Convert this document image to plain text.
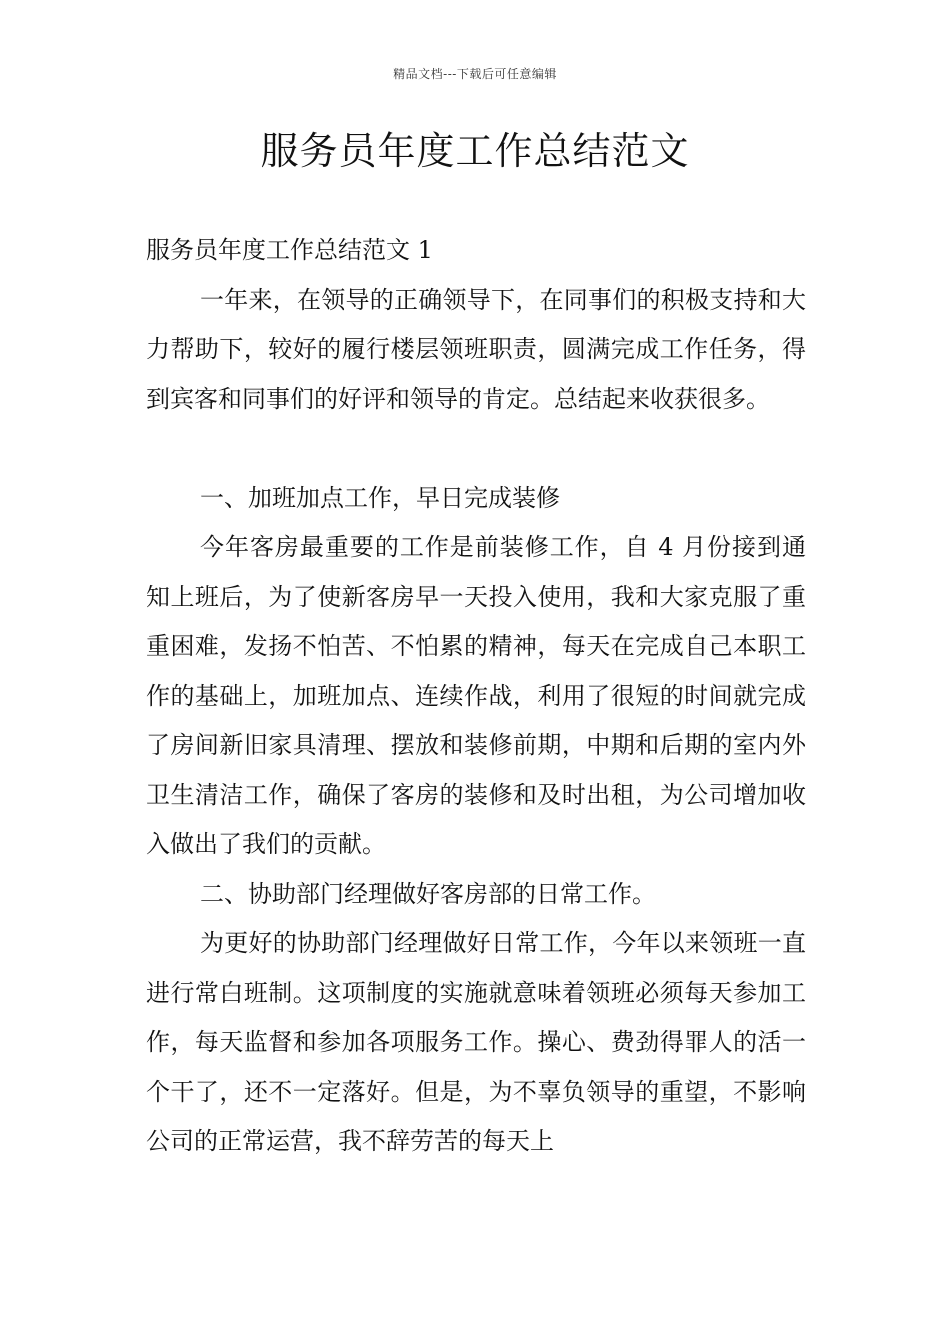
精品文档---下载后可任意编辑
服务员年度工作总结范文

服务员年度工作总结范文 1

一年来，在领导的正确领导下，在同事们的积极支持和大力帮助下，较好的履行楼层领班职责，圆满完成工作任务，得到宾客和同事们的好评和领导的肯定。总结起来收获很多。

一、加班加点工作，早日完成装修

今年客房最重要的工作是前装修工作，自 4 月份接到通知上班后，为了使新客房早一天投入使用，我和大家克服了重重困难，发扬不怕苦、不怕累的精神，每天在完成自己本职工作的基础上，加班加点、连续作战，利用了很短的时间就完成了房间新旧家具清理、摆放和装修前期，中期和后期的室内外卫生清洁工作，确保了客房的装修和及时出租，为公司增加收入做出了我们的贡献。

二、协助部门经理做好客房部的日常工作。

为更好的协助部门经理做好日常工作，今年以来领班一直进行常白班制。这项制度的实施就意味着领班必须每天参加工作，每天监督和参加各项服务工作。操心、费劲得罪人的活一个干了，还不一定落好。但是，为不辜负领导的重望，不影响公司的正常运营，我不辞劳苦的每天上
